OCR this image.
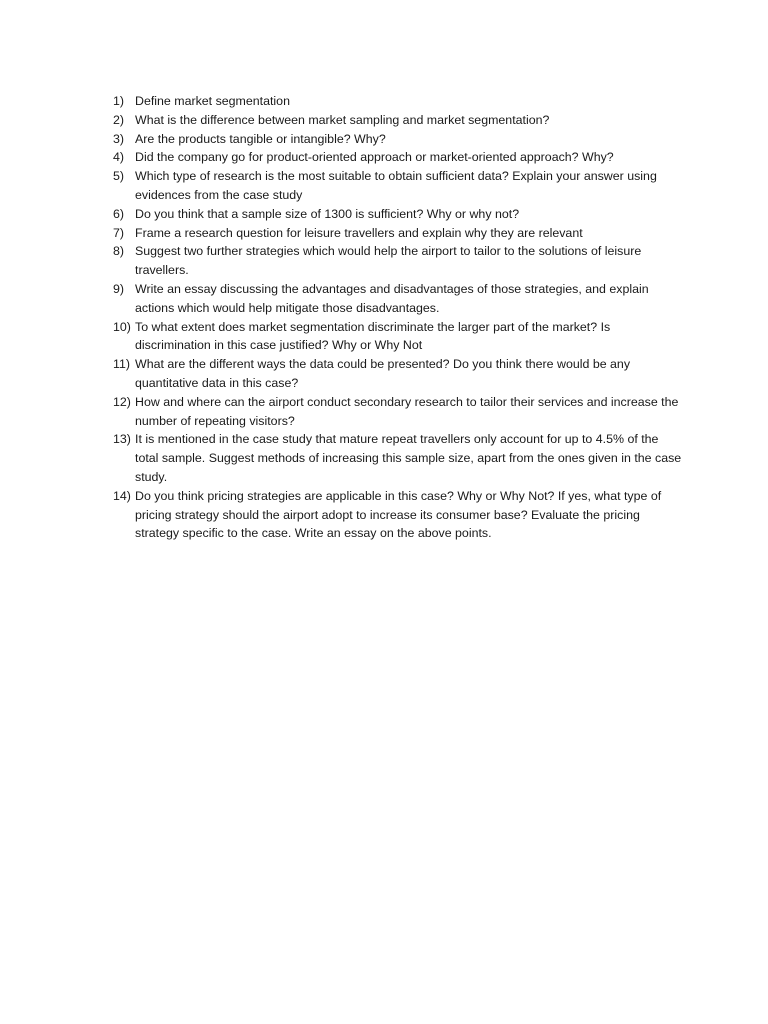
1) Define market segmentation
2) What is the difference between market sampling and market segmentation?
3) Are the products tangible or intangible? Why?
4) Did the company go for product-oriented approach or market-oriented approach? Why?
5) Which type of research is the most suitable to obtain sufficient data? Explain your answer using evidences from the case study
6) Do you think that a sample size of 1300 is sufficient? Why or why not?
7) Frame a research question for leisure travellers and explain why they are relevant
8) Suggest two further strategies which would help the airport to tailor to the solutions of leisure travellers.
9) Write an essay discussing the advantages and disadvantages of those strategies, and explain actions which would help mitigate those disadvantages.
10) To what extent does market segmentation discriminate the larger part of the market? Is discrimination in this case justified? Why or Why Not
11) What are the different ways the data could be presented? Do you think there would be any quantitative data in this case?
12) How and where can the airport conduct secondary research to tailor their services and increase the number of repeating visitors?
13) It is mentioned in the case study that mature repeat travellers only account for up to 4.5% of the total sample. Suggest methods of increasing this sample size, apart from the ones given in the case study.
14) Do you think pricing strategies are applicable in this case? Why or Why Not? If yes, what type of pricing strategy should the airport adopt to increase its consumer base? Evaluate the pricing strategy specific to the case. Write an essay on the above points.
